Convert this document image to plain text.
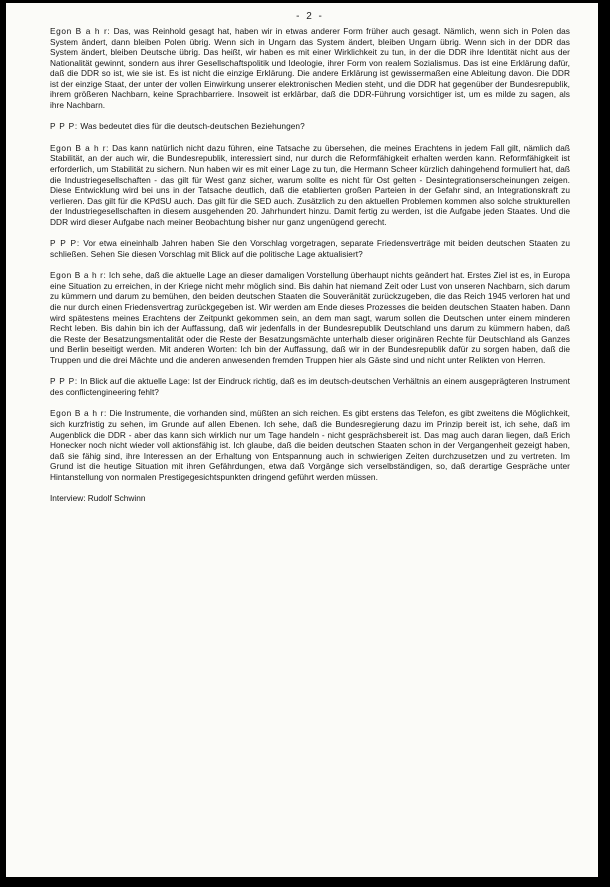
- 2 -
Egon B a h r: Das, was Reinhold gesagt hat, haben wir in etwas anderer Form früher auch gesagt. Nämlich, wenn sich in Polen das System ändert, dann bleiben Polen übrig. Wenn sich in Ungarn das System ändert, bleiben Ungarn übrig. Wenn sich in der DDR das System ändert, bleiben Deutsche übrig. Das heißt, wir haben es mit einer Wirklichkeit zu tun, in der die DDR ihre Identität nicht aus der Nationalität gewinnt, sondern aus ihrer Gesellschaftspolitik und Ideologie, ihrer Form von realem Sozialismus. Das ist eine Erklärung dafür, daß die DDR so ist, wie sie ist. Es ist nicht die einzige Erklärung. Die andere Erklärung ist gewissermaßen eine Ableitung davon. Die DDR ist der einzige Staat, der unter der vollen Einwirkung unserer elektronischen Medien steht, und die DDR hat gegenüber der Bundesrepublik, ihrem größeren Nachbarn, keine Sprachbarriere. Insoweit ist erklärbar, daß die DDR-Führung vorsichtiger ist, um es milde zu sagen, als ihre Nachbarn.
P P P: Was bedeutet dies für die deutsch-deutschen Beziehungen?
Egon B a h r: Das kann natürlich nicht dazu führen, eine Tatsache zu übersehen, die meines Erachtens in jedem Fall gilt, nämlich daß Stabilität, an der auch wir, die Bundesrepublik, interessiert sind, nur durch die Reformfähigkeit erhalten werden kann. Reformfähigkeit ist erforderlich, um Stabilität zu sichern. Nun haben wir es mit einer Lage zu tun, die Hermann Scheer kürzlich dahingehend formuliert hat, daß die Industriegesellschaften - das gilt für West ganz sicher, warum sollte es nicht für Ost gelten - Desintegrationserscheinungen zeigen. Diese Entwicklung wird bei uns in der Tatsache deutlich, daß die etablierten großen Parteien in der Gefahr sind, an Integrationskraft zu verlieren. Das gilt für die KPdSU auch. Das gilt für die SED auch. Zusätzlich zu den aktuellen Problemen kommen also solche strukturellen der Industriegesellschaften in diesem ausgehenden 20. Jahrhundert hinzu. Damit fertig zu werden, ist die Aufgabe jeden Staates. Und die DDR wird dieser Aufgabe nach meiner Beobachtung bisher nur ganz ungenügend gerecht.
P P P: Vor etwa eineinhalb Jahren haben Sie den Vorschlag vorgetragen, separate Friedensverträge mit beiden deutschen Staaten zu schließen. Sehen Sie diesen Vorschlag mit Blick auf die politische Lage aktualisiert?
Egon B a h r: Ich sehe, daß die aktuelle Lage an dieser damaligen Vorstellung überhaupt nichts geändert hat. Erstes Ziel ist es, in Europa eine Situation zu erreichen, in der Kriege nicht mehr möglich sind. Bis dahin hat niemand Zeit oder Lust von unseren Nachbarn, sich darum zu kümmern und darum zu bemühen, den beiden deutschen Staaten die Souveränität zurückzugeben, die das Reich 1945 verloren hat und die nur durch einen Friedensvertrag zurückgegeben ist. Wir werden am Ende dieses Prozesses die beiden deutschen Staaten haben. Dann wird spätestens meines Erachtens der Zeitpunkt gekommen sein, an dem man sagt, warum sollen die Deutschen unter einem minderen Recht leben. Bis dahin bin ich der Auffassung, daß wir jedenfalls in der Bundesrepublik Deutschland uns darum zu kümmern haben, daß die Reste der Besatzungsmentalität oder die Reste der Besatzungsmächte unterhalb dieser originären Rechte für Deutschland als Ganzes und Berlin beseitigt werden. Mit anderen Worten: Ich bin der Auffassung, daß wir in der Bundesrepublik dafür zu sorgen haben, daß die Truppen und die drei Mächte und die anderen anwesenden fremden Truppen hier als Gäste sind und nicht unter Relikten von Herren.
P P P: In Blick auf die aktuelle Lage: Ist der Eindruck richtig, daß es im deutsch-deutschen Verhältnis an einem ausgeprägteren Instrument des conflictengineering fehlt?
Egon B a h r: Die Instrumente, die vorhanden sind, müßten an sich reichen. Es gibt erstens das Telefon, es gibt zweitens die Möglichkeit, sich kurzfristig zu sehen, im Grunde auf allen Ebenen. Ich sehe, daß die Bundesregierung dazu im Prinzip bereit ist, ich sehe, daß im Augenblick die DDR - aber das kann sich wirklich nur um Tage handeln - nicht gesprächsbereit ist. Das mag auch daran liegen, daß Erich Honecker noch nicht wieder voll aktionsfähig ist. Ich glaube, daß die beiden deutschen Staaten schon in der Vergangenheit gezeigt haben, daß sie fähig sind, ihre Interessen an der Erhaltung von Entspannung auch in schwierigen Zeiten durchzusetzen und zu vertreten. Im Grund ist die heutige Situation mit ihren Gefährdungen, etwa daß Vorgänge sich verselbständigen, so, daß derartige Gespräche unter Hintanstellung von normalen Prestigegesichtspunkten dringend geführt werden müssen.
Interview: Rudolf Schwinn
